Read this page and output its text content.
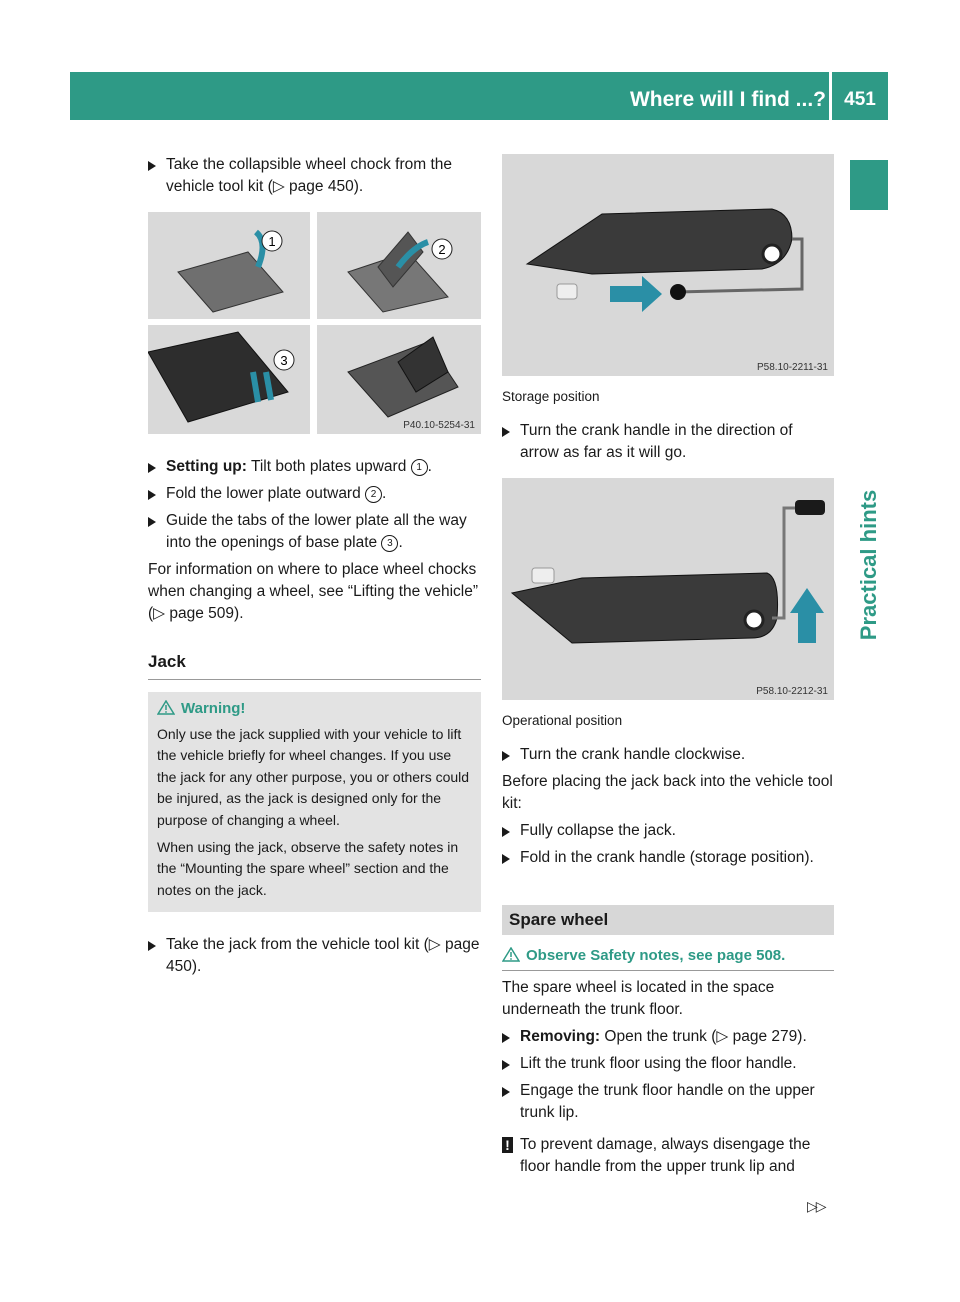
Where will I find ...? 451
Practical hints
Take the collapsible wheel chock from the vehicle tool kit (▷ page 450).
1
2
3
P40.10-5254-31
Setting up: Tilt both plates upward 1 .
Fold the lower plate outward 2 .
Guide the tabs of the lower plate all the way into the openings of base plate 3 .

For information on where to place wheel chocks when changing a wheel, see “Lifting the vehicle” (▷ page 509).

Jack
Warning!

Only use the jack supplied with your vehicle to lift the vehicle briefly for wheel changes. If you use the jack for any other purpose, you or others could be injured, as the jack is designed only for the purpose of changing a wheel.

When using the jack, observe the safety notes in the “Mounting the spare wheel” section and the notes on the jack.

Take the jack from the vehicle tool kit (▷ page 450).
P58.10-2211-31
Storage position
Turn the crank handle in the direction of arrow as far as it will go.
P58.10-2212-31
Operational position
Turn the crank handle clockwise.

Before placing the jack back into the vehicle tool kit:

Fully collapse the jack.
Fold in the crank handle (storage position).
Spare wheel
Observe Safety notes, see page 508.

The spare wheel is located in the space underneath the trunk floor.

Removing: Open the trunk (▷ page 279).
Lift the trunk floor using the floor handle.
Engage the trunk floor handle on the upper trunk lip.
! To prevent damage, always disengage the floor handle from the upper trunk lip and
▷▷
